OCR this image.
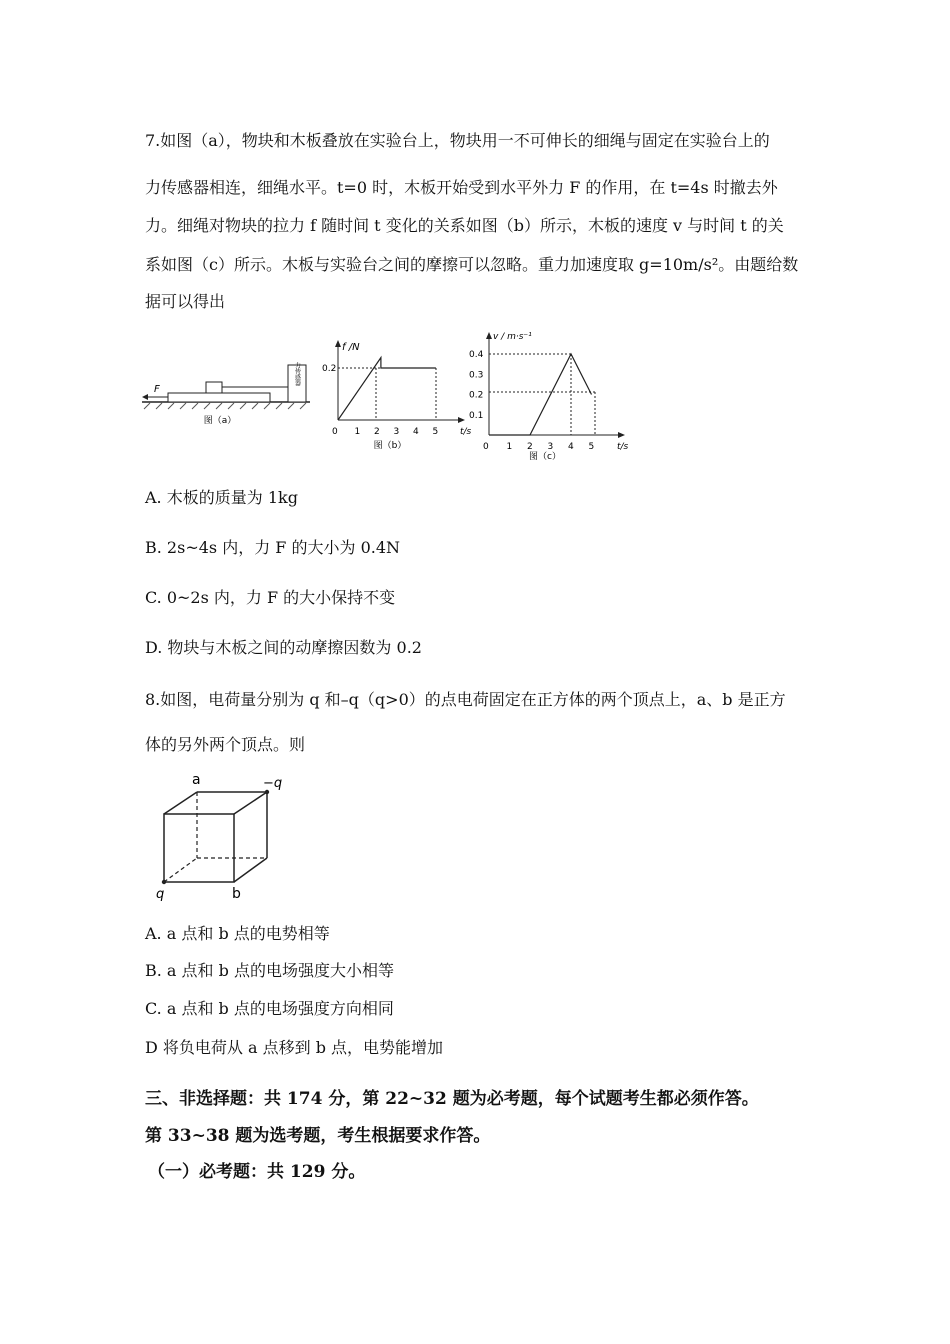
7.如图（a），物块和木板叠放在实验台上，物块用一不可伸长的细绳与固定在实验台上的
力传感器相连，细绳水平。t=0 时，木板开始受到水平外力 F 的作用，在 t=4s 时撤去外
力。细绳对物块的拉力 f 随时间 t 变化的关系如图（b）所示，木板的速度 v 与时间 t 的关
系如图（c）所示。木板与实验台之间的摩擦可以忽略。重力加速度取 g=10m/s²。由题给数
据可以得出
力传感器
F
图（a）
f /N
t/s
0
0.2
1 2 3 4 5
图（b）
v / m·s⁻¹
t/s
0
0.4
0.3
0.2
0.1
1 2 3 4 5
图（c）
A. 木板的质量为 1kg
B. 2s~4s 内，力 F 的大小为 0.4N
C. 0~2s 内，力 F 的大小保持不变
D. 物块与木板之间的动摩擦因数为 0.2
8.如图，电荷量分别为 q 和–q（q>0）的点电荷固定在正方体的两个顶点上，a、b 是正方
体的另外两个顶点。则
a	−q
q	b
A. a 点和 b 点的电势相等
B. a 点和 b 点的电场强度大小相等
C. a 点和 b 点的电场强度方向相同
D 将负电荷从 a 点移到 b 点，电势能增加
三、非选择题：共 174 分，第 22~32 题为必考题，每个试题考生都必须作答。
第 33~38 题为选考题，考生根据要求作答。
（一）必考题：共 129 分。
